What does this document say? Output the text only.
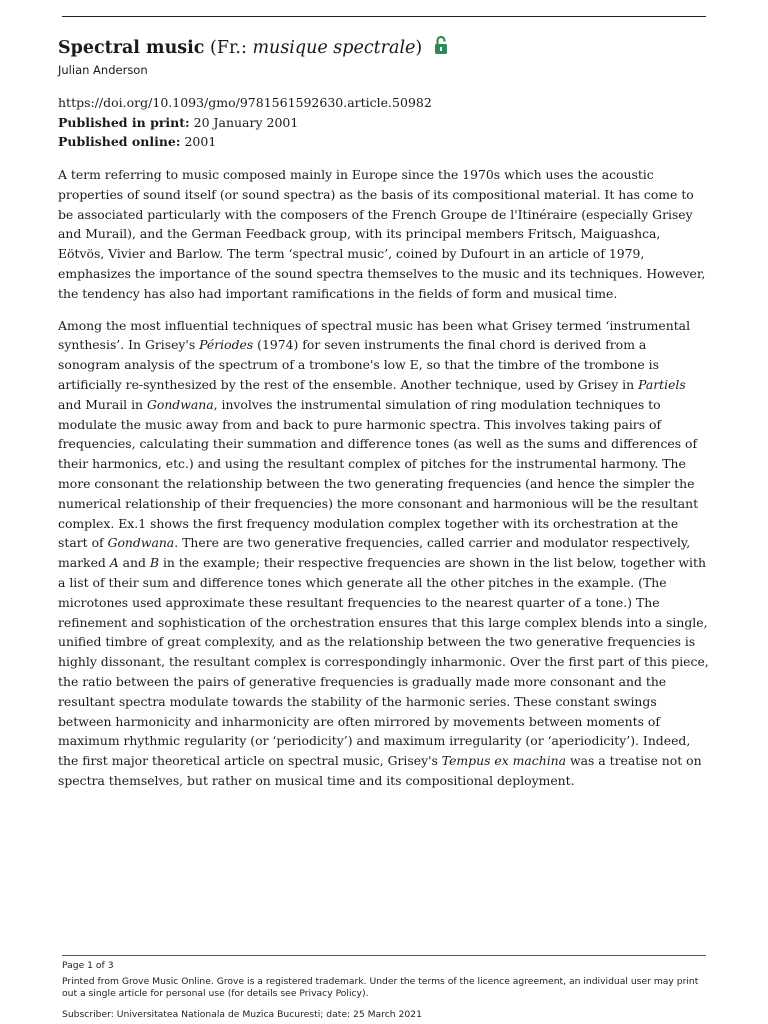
Spectral music (Fr.: musique spectrale)
Julian Anderson
https://doi.org/10.1093/gmo/9781561592630.article.50982
Published in print: 20 January 2001
Published online: 2001

A term referring to music composed mainly in Europe since the 1970s which uses the acoustic properties of sound itself (or sound spectra) as the basis of its compositional material. It has come to be associated particularly with the composers of the French Groupe de l'Itinéraire (especially Grisey and Murail), and the German Feedback group, with its principal members Fritsch, Maiguashca, Eötvös, Vivier and Barlow. The term ‘spectral music’, coined by Dufourt in an article of 1979, emphasizes the importance of the sound spectra themselves to the music and its techniques. However, the tendency has also had important ramifications in the fields of form and musical time.

Among the most influential techniques of spectral music has been what Grisey termed ‘instrumental synthesis’. In Grisey's Périodes (1974) for seven instruments the final chord is derived from a sonogram analysis of the spectrum of a trombone's low E, so that the timbre of the trombone is artificially re-synthesized by the rest of the ensemble. Another technique, used by Grisey in Partiels and Murail in Gondwana, involves the instrumental simulation of ring modulation techniques to modulate the music away from and back to pure harmonic spectra. This involves taking pairs of frequencies, calculating their summation and difference tones (as well as the sums and differences of their harmonics, etc.) and using the resultant complex of pitches for the instrumental harmony. The more consonant the relationship between the two generating frequencies (and hence the simpler the numerical relationship of their frequencies) the more consonant and harmonious will be the resultant complex. Ex.1 shows the first frequency modulation complex together with its orchestration at the start of Gondwana. There are two generative frequencies, called carrier and modulator respectively, marked A and B in the example; their respective frequencies are shown in the list below, together with a list of their sum and difference tones which generate all the other pitches in the example. (The microtones used approximate these resultant frequencies to the nearest quarter of a tone.) The refinement and sophistication of the orchestration ensures that this large complex blends into a single, unified timbre of great complexity, and as the relationship between the two generative frequencies is highly dissonant, the resultant complex is correspondingly inharmonic. Over the first part of this piece, the ratio between the pairs of generative frequencies is gradually made more consonant and the resultant spectra modulate towards the stability of the harmonic series. These constant swings between harmonicity and inharmonicity are often mirrored by movements between moments of maximum rhythmic regularity (or ‘periodicity’) and maximum irregularity (or ‘aperiodicity’). Indeed, the first major theoretical article on spectral music, Grisey's Tempus ex machina was a treatise not on spectra themselves, but rather on musical time and its compositional deployment.

Page 1 of 3
Printed from Grove Music Online. Grove is a registered trademark. Under the terms of the licence agreement, an individual user may print out a single article for personal use (for details see Privacy Policy).
Subscriber: Universitatea Nationala de Muzica Bucuresti; date: 25 March 2021
